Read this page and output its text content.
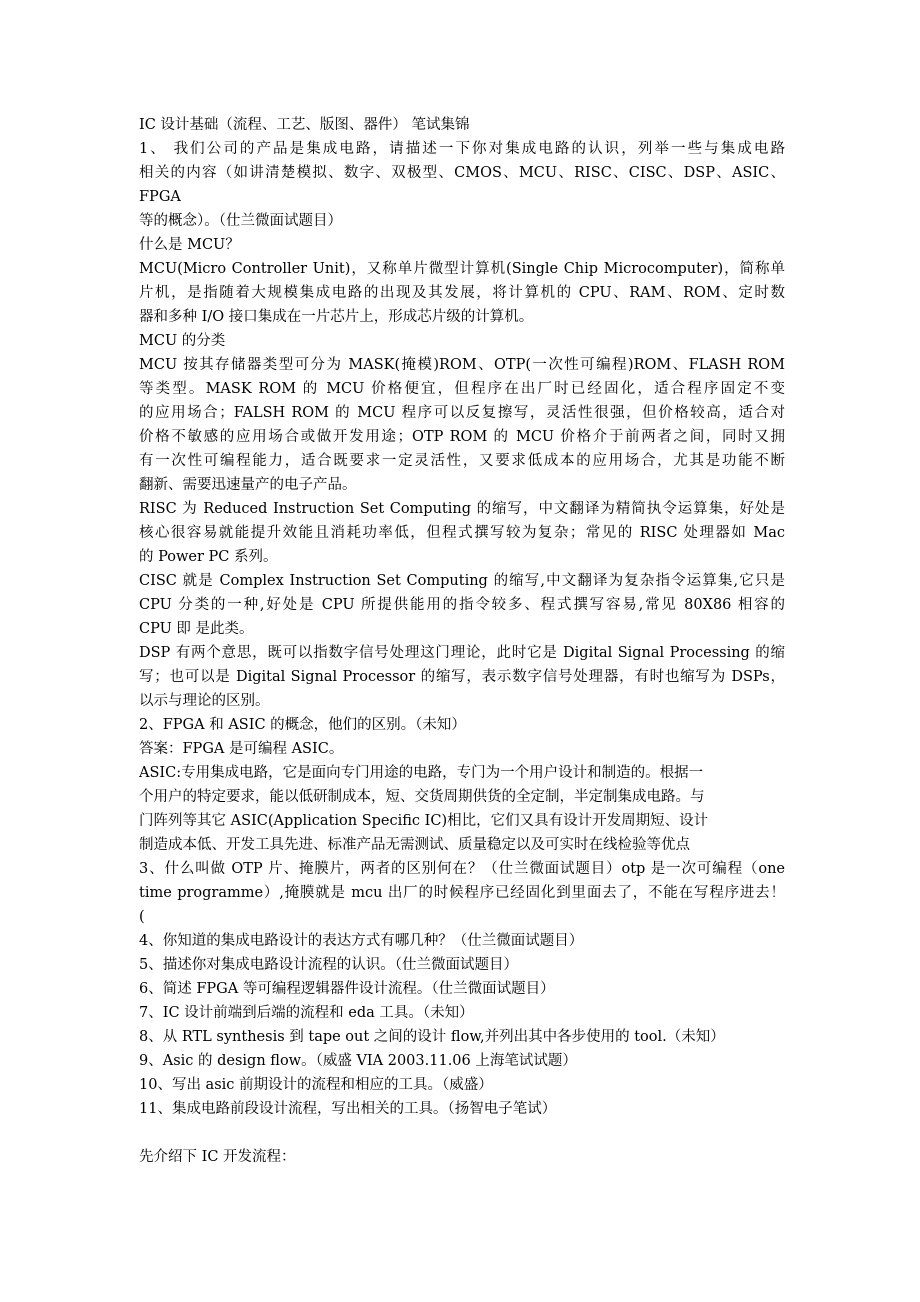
IC 设计基础（流程、工艺、版图、器件） 笔试集锦
1、 我们公司的产品是集成电路，请描述一下你对集成电路的认识，列举一些与集成电路
相关的内容（如讲清楚模拟、数字、双极型、CMOS、MCU、RISC、CISC、DSP、ASIC、
FPGA
等的概念）。（仕兰微面试题目）
什么是 MCU？
MCU(Micro Controller Unit)，又称单片微型计算机(Single Chip Microcomputer)，简称单
片机，是指随着大规模集成电路的出现及其发展，将计算机的 CPU、RAM、ROM、定时数
器和多种 I/O 接口集成在一片芯片上，形成芯片级的计算机。
MCU 的分类
MCU 按其存储器类型可分为 MASK(掩模)ROM、OTP(一次性可编程)ROM、FLASH ROM
等类型。MASK ROM 的 MCU 价格便宜，但程序在出厂时已经固化，适合程序固定不变
的应用场合；FALSH ROM 的 MCU 程序可以反复擦写，灵活性很强，但价格较高，适合对
价格不敏感的应用场合或做开发用途；OTP ROM 的 MCU 价格介于前两者之间，同时又拥
有一次性可编程能力，适合既要求一定灵活性，又要求低成本的应用场合，尤其是功能不断
翻新、需要迅速量产的电子产品。
RISC 为 Reduced Instruction Set Computing 的缩写，中文翻译为精简执令运算集，好处是
核心很容易就能提升效能且消耗功率低，但程式撰写较为复杂；常见的 RISC 处理器如 Mac
的 Power PC 系列。
CISC 就是 Complex Instruction Set Computing 的缩写,中文翻译为复杂指令运算集,它只是
CPU 分类的一种,好处是 CPU 所提供能用的指令较多、程式撰写容易,常见 80X86 相容的
CPU 即 是此类。
DSP 有两个意思，既可以指数字信号处理这门理论，此时它是 Digital Signal Processing 的缩
写；也可以是 Digital Signal Processor 的缩写，表示数字信号处理器，有时也缩写为 DSPs，
以示与理论的区别。
2、FPGA 和 ASIC 的概念，他们的区别。（未知）
答案：FPGA 是可编程 ASIC。
ASIC:专用集成电路，它是面向专门用途的电路，专门为一个用户设计和制造的。根据一
个用户的特定要求，能以低研制成本，短、交货周期供货的全定制，半定制集成电路。与
门阵列等其它 ASIC(Application Specific IC)相比，它们又具有设计开发周期短、设计
制造成本低、开发工具先进、标准产品无需测试、质量稳定以及可实时在线检验等优点
3、什么叫做 OTP 片、掩膜片，两者的区别何在？（仕兰微面试题目）otp 是一次可编程（one
time programme）,掩膜就是 mcu 出厂的时候程序已经固化到里面去了，不能在写程序进去！
(
4、你知道的集成电路设计的表达方式有哪几种？（仕兰微面试题目）
5、描述你对集成电路设计流程的认识。（仕兰微面试题目）
6、简述 FPGA 等可编程逻辑器件设计流程。（仕兰微面试题目）
7、IC 设计前端到后端的流程和 eda 工具。（未知）
8、从 RTL synthesis 到 tape out 之间的设计 flow,并列出其中各步使用的 tool.（未知）
9、Asic 的 design flow。（威盛 VIA 2003.11.06 上海笔试试题）
10、写出 asic 前期设计的流程和相应的工具。（威盛）
11、集成电路前段设计流程，写出相关的工具。（扬智电子笔试）
先介绍下 IC 开发流程：
